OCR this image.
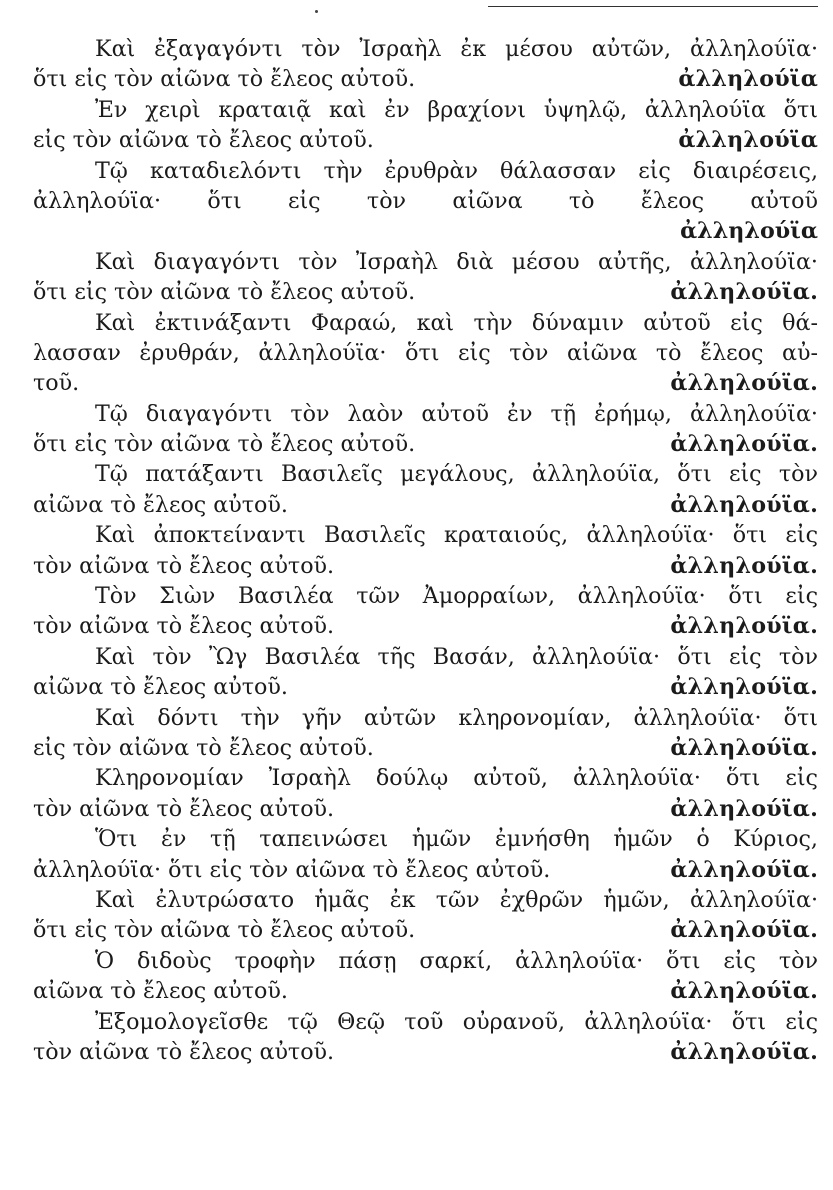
Καὶ ἐξαγαγόντι τὸν Ἰσραὴλ ἐκ μέσου αὐτῶν, ἀλληλούϊα·
ὅτι εἰς τὸν αἰῶνα τὸ ἔλεος αὐτοῦ.	ἀλληλούϊα
Ἐν χειρὶ κραταιᾷ καὶ ἐν βραχίονι ὑψηλῷ, ἀλληλούϊα ὅτι
εἰς τὸν αἰῶνα τὸ ἔλεος αὐτοῦ.	ἀλληλούϊα
Τῷ καταδιελόντι τὴν ἐρυθρὰν θάλασσαν εἰς διαιρέσεις,
ἀλληλούϊα· ὅτι εἰς τὸν αἰῶνα τὸ ἔλεος αὐτοῦ
ἀλληλούϊα
Καὶ διαγαγόντι τὸν Ἰσραὴλ διὰ μέσου αὐτῆς, ἀλληλούϊα·
ὅτι εἰς τὸν αἰῶνα τὸ ἔλεος αὐτοῦ.	ἀλληλούϊα.
Καὶ ἐκτινάξαντι Φαραώ, καὶ τὴν δύναμιν αὐτοῦ εἰς θά-
λασσαν ἐρυθράν, ἀλληλούϊα· ὅτι εἰς τὸν αἰῶνα τὸ ἔλεος αὐ-
τοῦ.	ἀλληλούϊα.
Τῷ διαγαγόντι τὸν λαὸν αὐτοῦ ἐν τῇ ἐρήμῳ, ἀλληλούϊα·
ὅτι εἰς τὸν αἰῶνα τὸ ἔλεος αὐτοῦ.	ἀλληλούϊα.
Τῷ πατάξαντι Βασιλεῖς μεγάλους, ἀλληλούϊα, ὅτι εἰς τὸν
αἰῶνα τὸ ἔλεος αὐτοῦ.	ἀλληλούϊα.
Καὶ ἀποκτείναντι Βασιλεῖς κραταιούς, ἀλληλούϊα· ὅτι εἰς
τὸν αἰῶνα τὸ ἔλεος αὐτοῦ.	ἀλληλούϊα.
Τὸν Σιὼν Βασιλέα τῶν Ἀμορραίων, ἀλληλούϊα· ὅτι εἰς
τὸν αἰῶνα τὸ ἔλεος αὐτοῦ.	ἀλληλούϊα.
Καὶ τὸν Ὢγ Βασιλέα τῆς Βασάν, ἀλληλούϊα· ὅτι εἰς τὸν
αἰῶνα τὸ ἔλεος αὐτοῦ.	ἀλληλούϊα.
Καὶ δόντι τὴν γῆν αὐτῶν κληρονομίαν, ἀλληλούϊα· ὅτι
εἰς τὸν αἰῶνα τὸ ἔλεος αὐτοῦ.	ἀλληλούϊα.
Κληρονομίαν Ἰσραὴλ δούλῳ αὐτοῦ, ἀλληλούϊα· ὅτι εἰς
τὸν αἰῶνα τὸ ἔλεος αὐτοῦ.	ἀλληλούϊα.
Ὅτι ἐν τῇ ταπεινώσει ἡμῶν ἐμνήσθη ἡμῶν ὁ Κύριος,
ἀλληλούϊα· ὅτι εἰς τὸν αἰῶνα τὸ ἔλεος αὐτοῦ.	ἀλληλούϊα.
Καὶ ἐλυτρώσατο ἡμᾶς ἐκ τῶν ἐχθρῶν ἡμῶν, ἀλληλούϊα·
ὅτι εἰς τὸν αἰῶνα τὸ ἔλεος αὐτοῦ.	ἀλληλούϊα.
Ὁ διδοὺς τροφὴν πάσῃ σαρκί, ἀλληλούϊα· ὅτι εἰς τὸν
αἰῶνα τὸ ἔλεος αὐτοῦ.	ἀλληλούϊα.
Ἐξομολογεῖσθε τῷ Θεῷ τοῦ οὐρανοῦ, ἀλληλούϊα· ὅτι εἰς
τὸν αἰῶνα τὸ ἔλεος αὐτοῦ.	ἀλληλούϊα.
